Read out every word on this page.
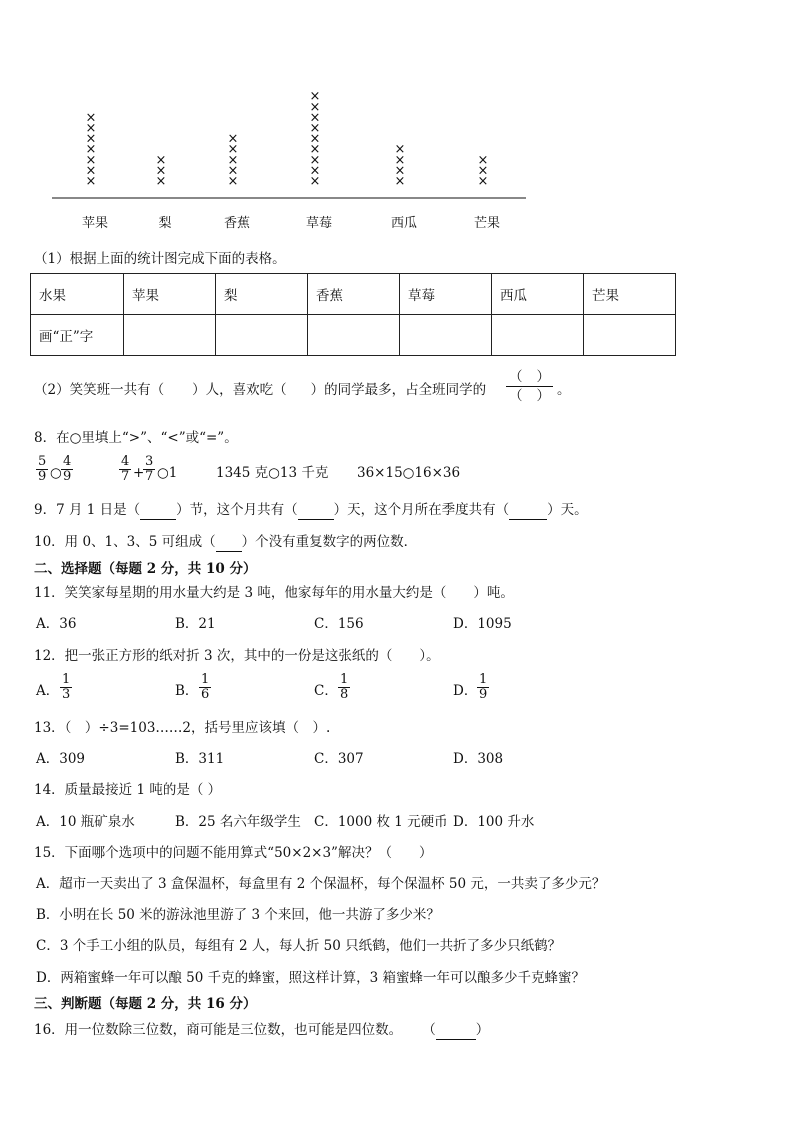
×
×
×
×
×
×
×
苹果
×
×
×
梨
×
×
×
×
×
香蕉
×
×
×
×
×
×
×
×
×
草莓
×
×
×
×
西瓜
×
×
×
芒果
（1）根据上面的统计图完成下面的表格。
水果	苹果	梨	香蕉	草莓	西瓜	芒果
画“正”字						
（2）笑笑班一共有（ ）人，喜欢吃（ ）的同学最多，占全班同学的
（ ）
（ ） 。
8．在○里填上“>”、“<”或“=”。
$\frac{5}{9}$ ○ $\frac{4}{9}$	$\frac{4}{7}$ +
$\frac{3}{7}$ ○1	1345 克○13 千克 36×15○16×36
9．7 月 1 日是（	）节，这个月共有（	）天，这个月所在季度共有（	）天。
10．用 0、1、3、5 可组成（ ）个没有重复数字的两位数．
二、选择题（每题 2 分，共 10 分）
11．笑笑家每星期的用水量大约是 3 吨，他家每年的用水量大约是（　　）吨。
A．36	B．21	C．156	D．1095
12．把一张正方形的纸对折 3 次，其中的一份是这张纸的（　　）。
A． $\frac{1}{3}$	B． $\frac{1}{6}$	C． $\frac{1}{8}$	D． $\frac{1}{9}$
13．（　）÷3=103……2，括号里应该填（　）.
A．309	B．311	C．307	D．308
14．质量最接近 1 吨的是（ ）
A．10 瓶矿泉水	B．25 名六年级学生 C．1000 枚 1 元硬币 D．100 升水
15．下面哪个选项中的问题不能用算式“50×2×3”解决？（　　）
A．超市一天卖出了 3 盒保温杯，每盒里有 2 个保温杯，每个保温杯 50 元，一共卖了多少元？
B．小明在长 50 米的游泳池里游了 3 个来回，他一共游了多少米？
C．3 个手工小组的队员，每组有 2 人，每人折 50 只纸鹤，他们一共折了多少只纸鹤？
D．两箱蜜蜂一年可以酿 50 千克的蜂蜜，照这样计算，3 箱蜜蜂一年可以酿多少千克蜂蜜？
三、判断题（每题 2 分，共 16 分）
16．用一位数除三位数，商可能是三位数，也可能是四位数。 （	）
